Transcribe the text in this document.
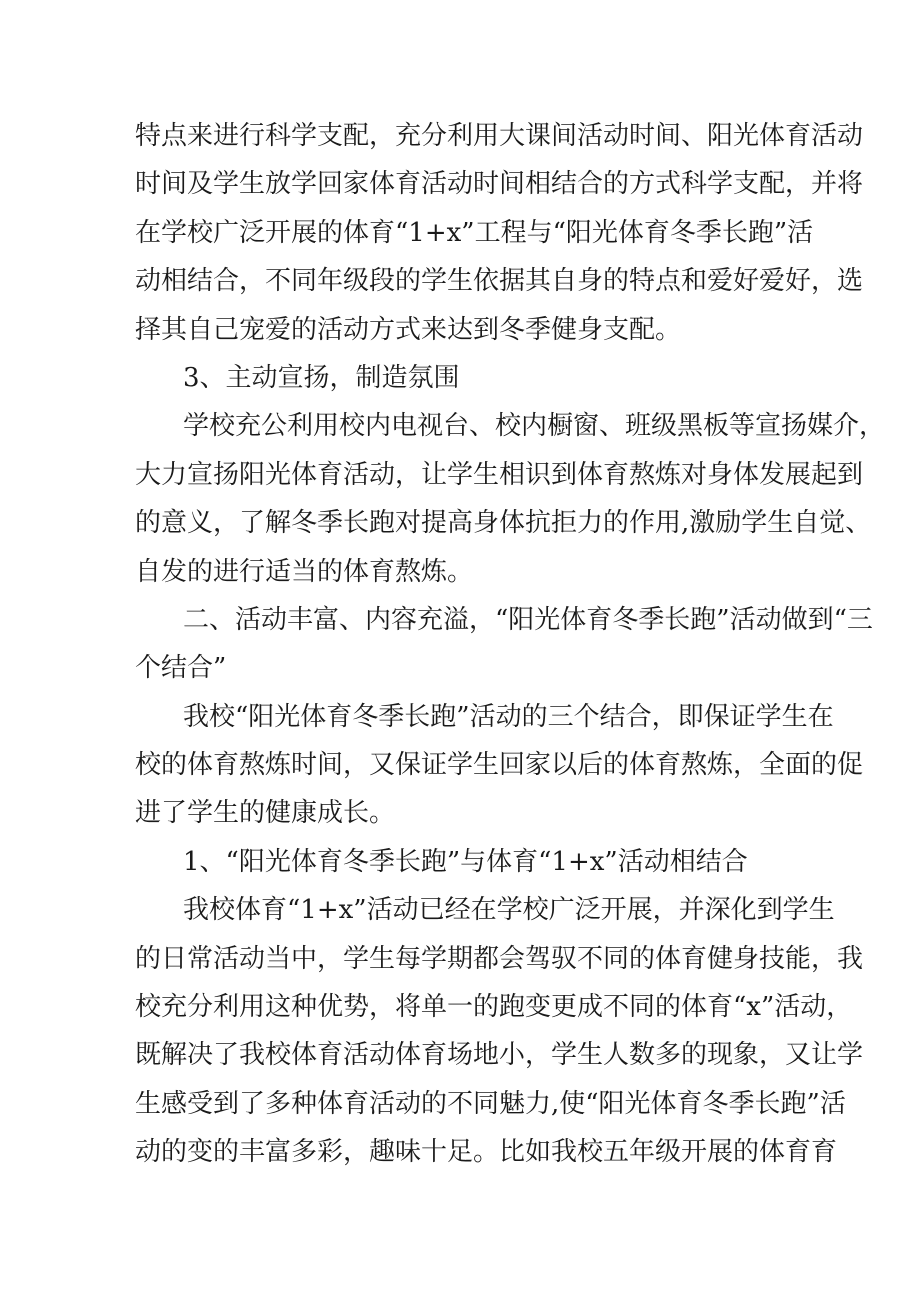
特点来进行科学支配，充分利用大课间活动时间、阳光体育活动
时间及学生放学回家体育活动时间相结合的方式科学支配，并将
在学校广泛开展的体育“1+x”工程与“阳光体育冬季长跑”活
动相结合，不同年级段的学生依据其自身的特点和爱好爱好，选
择其自己宠爱的活动方式来达到冬季健身支配。
3、主动宣扬，制造氛围
学校充公利用校内电视台、校内橱窗、班级黑板等宣扬媒介，
大力宣扬阳光体育活动，让学生相识到体育熬炼对身体发展起到
的意义，了解冬季长跑对提高身体抗拒力的作用,激励学生自觉、
自发的进行适当的体育熬炼。
二、活动丰富、内容充溢，“阳光体育冬季长跑”活动做到“三
个结合”
我校“阳光体育冬季长跑”活动的三个结合，即保证学生在
校的体育熬炼时间，又保证学生回家以后的体育熬炼，全面的促
进了学生的健康成长。
1、“阳光体育冬季长跑”与体育“1+x”活动相结合
我校体育“1+x”活动已经在学校广泛开展，并深化到学生
的日常活动当中，学生每学期都会驾驭不同的体育健身技能，我
校充分利用这种优势，将单一的跑变更成不同的体育“x”活动，
既解决了我校体育活动体育场地小，学生人数多的现象，又让学
生感受到了多种体育活动的不同魅力,使“阳光体育冬季长跑”活
动的变的丰富多彩，趣味十足。比如我校五年级开展的体育育
